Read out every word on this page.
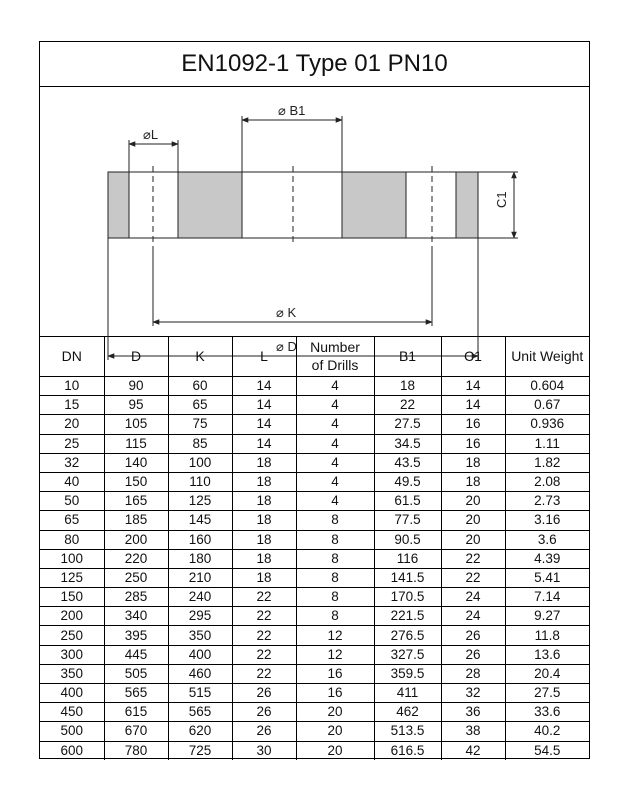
EN1092-1 Type 01 PN10
⌀L
⌀ B1
C1
⌀ K
⌀ D
DN	D	K	L	Number of Drills	B1	C1	Unit Weight
10	90	60	14	4	18	14	0.604
15	95	65	14	4	22	14	0.67
20	105	75	14	4	27.5	16	0.936
25	115	85	14	4	34.5	16	1.11
32	140	100	18	4	43.5	18	1.82
40	150	110	18	4	49.5	18	2.08
50	165	125	18	4	61.5	20	2.73
65	185	145	18	8	77.5	20	3.16
80	200	160	18	8	90.5	20	3.6
100	220	180	18	8	116	22	4.39
125	250	210	18	8	141.5	22	5.41
150	285	240	22	8	170.5	24	7.14
200	340	295	22	8	221.5	24	9.27
250	395	350	22	12	276.5	26	11.8
300	445	400	22	12	327.5	26	13.6
350	505	460	22	16	359.5	28	20.4
400	565	515	26	16	411	32	27.5
450	615	565	26	20	462	36	33.6
500	670	620	26	20	513.5	38	40.2
600	780	725	30	20	616.5	42	54.5
